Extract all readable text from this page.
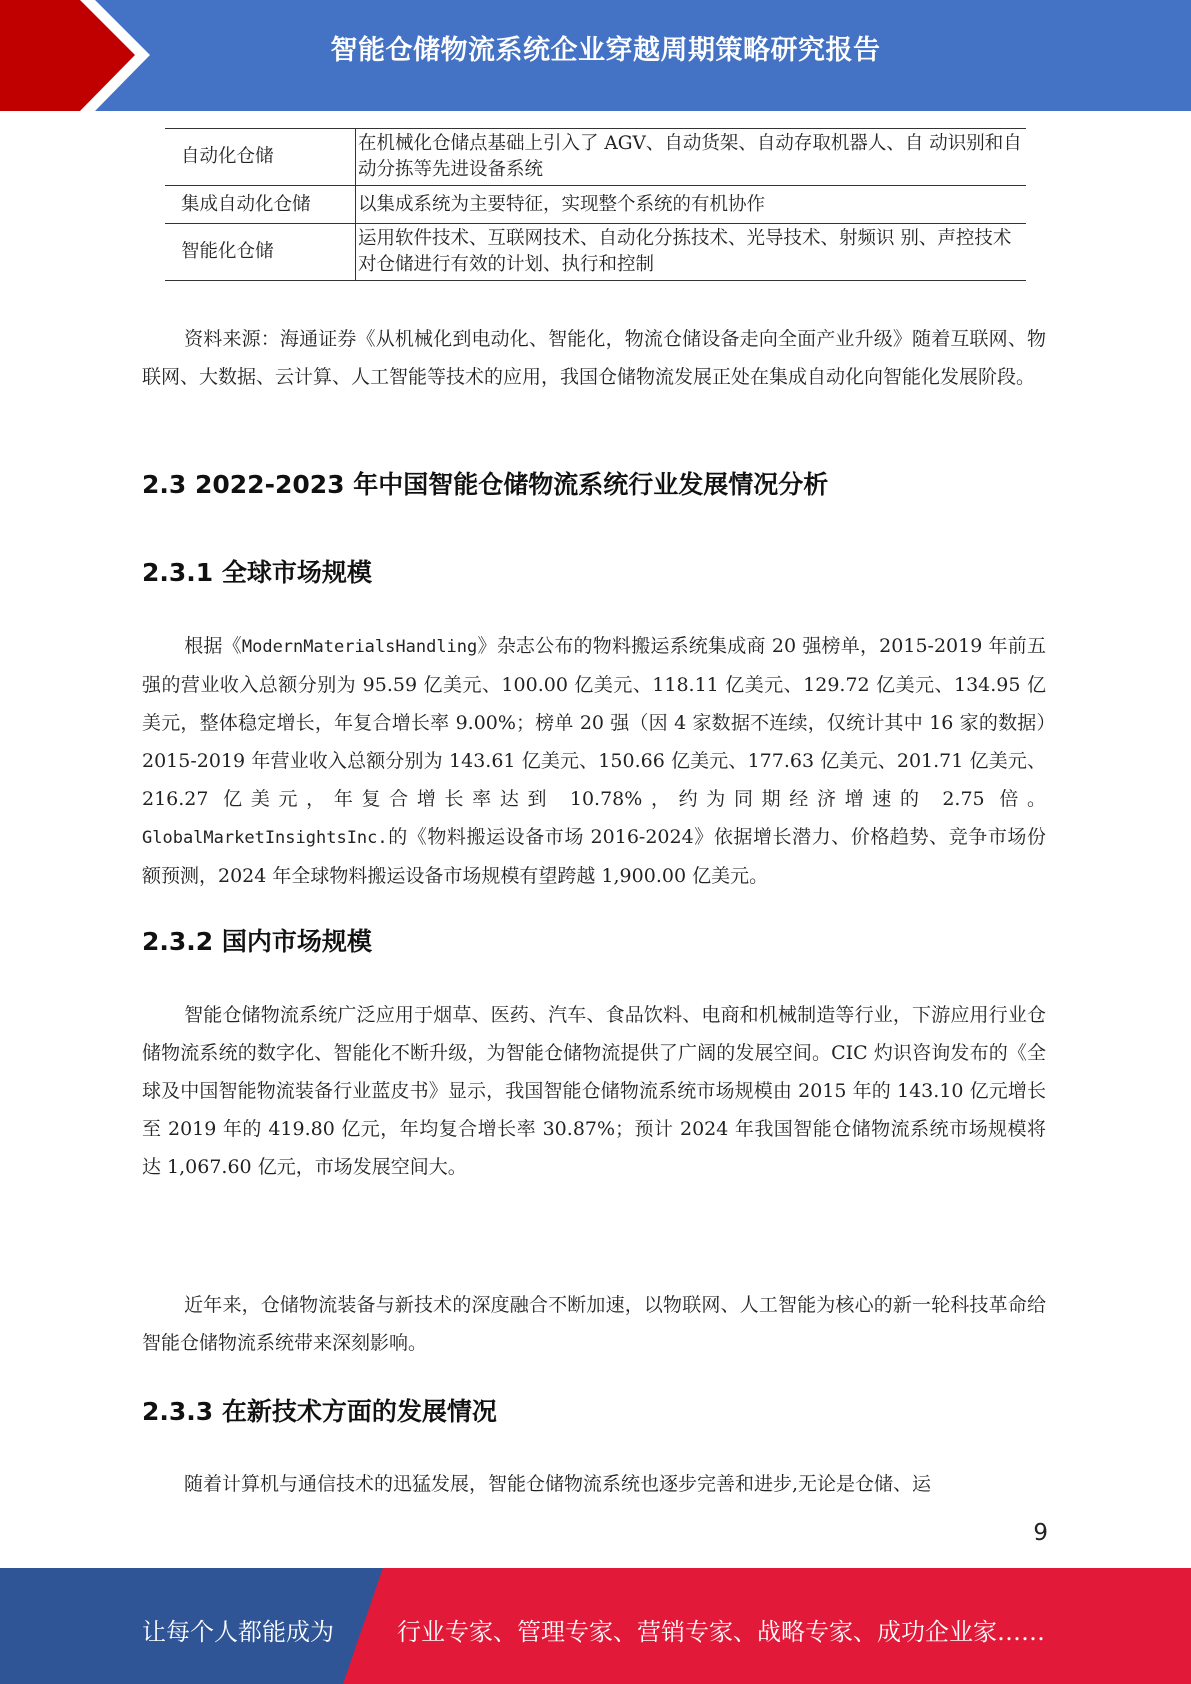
智能仓储物流系统企业穿越周期策略研究报告
自动化仓储	在机械化仓储点基础上引入了 AGV、自动货架、自动存取机器人、自 动识别和自动分拣等先进设备系统
集成自动化仓储	以集成系统为主要特征，实现整个系统的有机协作
智能化仓储	运用软件技术、互联网技术、自动化分拣技术、光导技术、射频识 别、声控技术对仓储进行有效的计划、执行和控制
资料来源：海通证券《从机械化到电动化、智能化，物流仓储设备走向全面产业升级》随着互联网、物联网、大数据、云计算、人工智能等技术的应用，我国仓储物流发展正处在集成自动化向智能化发展阶段。
2.3 2022-2023 年中国智能仓储物流系统行业发展情况分析
2.3.1 全球市场规模
根据《ModernMaterialsHandling》杂志公布的物料搬运系统集成商 20 强榜单，2015-2019 年前五强的营业收入总额分别为 95.59 亿美元、100.00 亿美元、118.11 亿美元、129.72 亿美元、134.95 亿美元，整体稳定增长，年复合增长率 9.00%；榜单 20 强（因 4 家数据不连续，仅统计其中 16 家的数据）2015-2019 年营业收入总额分别为 143.61 亿美元、150.66 亿美元、177.63 亿美元、201.71 亿美元、216.27 亿美元，年复合增长率达到 10.78%，约为同期经济增速的 2.75 倍。GlobalMarketInsightsInc.的《物料搬运设备市场 2016-2024》依据增长潜力、价格趋势、竞争市场份额预测，2024 年全球物料搬运设备市场规模有望跨越 1,900.00 亿美元。
2.3.2 国内市场规模
智能仓储物流系统广泛应用于烟草、医药、汽车、食品饮料、电商和机械制造等行业，下游应用行业仓储物流系统的数字化、智能化不断升级，为智能仓储物流提供了广阔的发展空间。CIC 灼识咨询发布的《全球及中国智能物流装备行业蓝皮书》显示，我国智能仓储物流系统市场规模由 2015 年的 143.10 亿元增长至 2019 年的 419.80 亿元，年均复合增长率 30.87%；预计 2024 年我国智能仓储物流系统市场规模将达 1,067.60 亿元，市场发展空间大。
近年来，仓储物流装备与新技术的深度融合不断加速，以物联网、人工智能为核心的新一轮科技革命给智能仓储物流系统带来深刻影响。
2.3.3 在新技术方面的发展情况
随着计算机与通信技术的迅猛发展，智能仓储物流系统也逐步完善和进步,无论是仓储、运
9
让每个人都能成为	行业专家、管理专家、营销专家、战略专家、成功企业家……
